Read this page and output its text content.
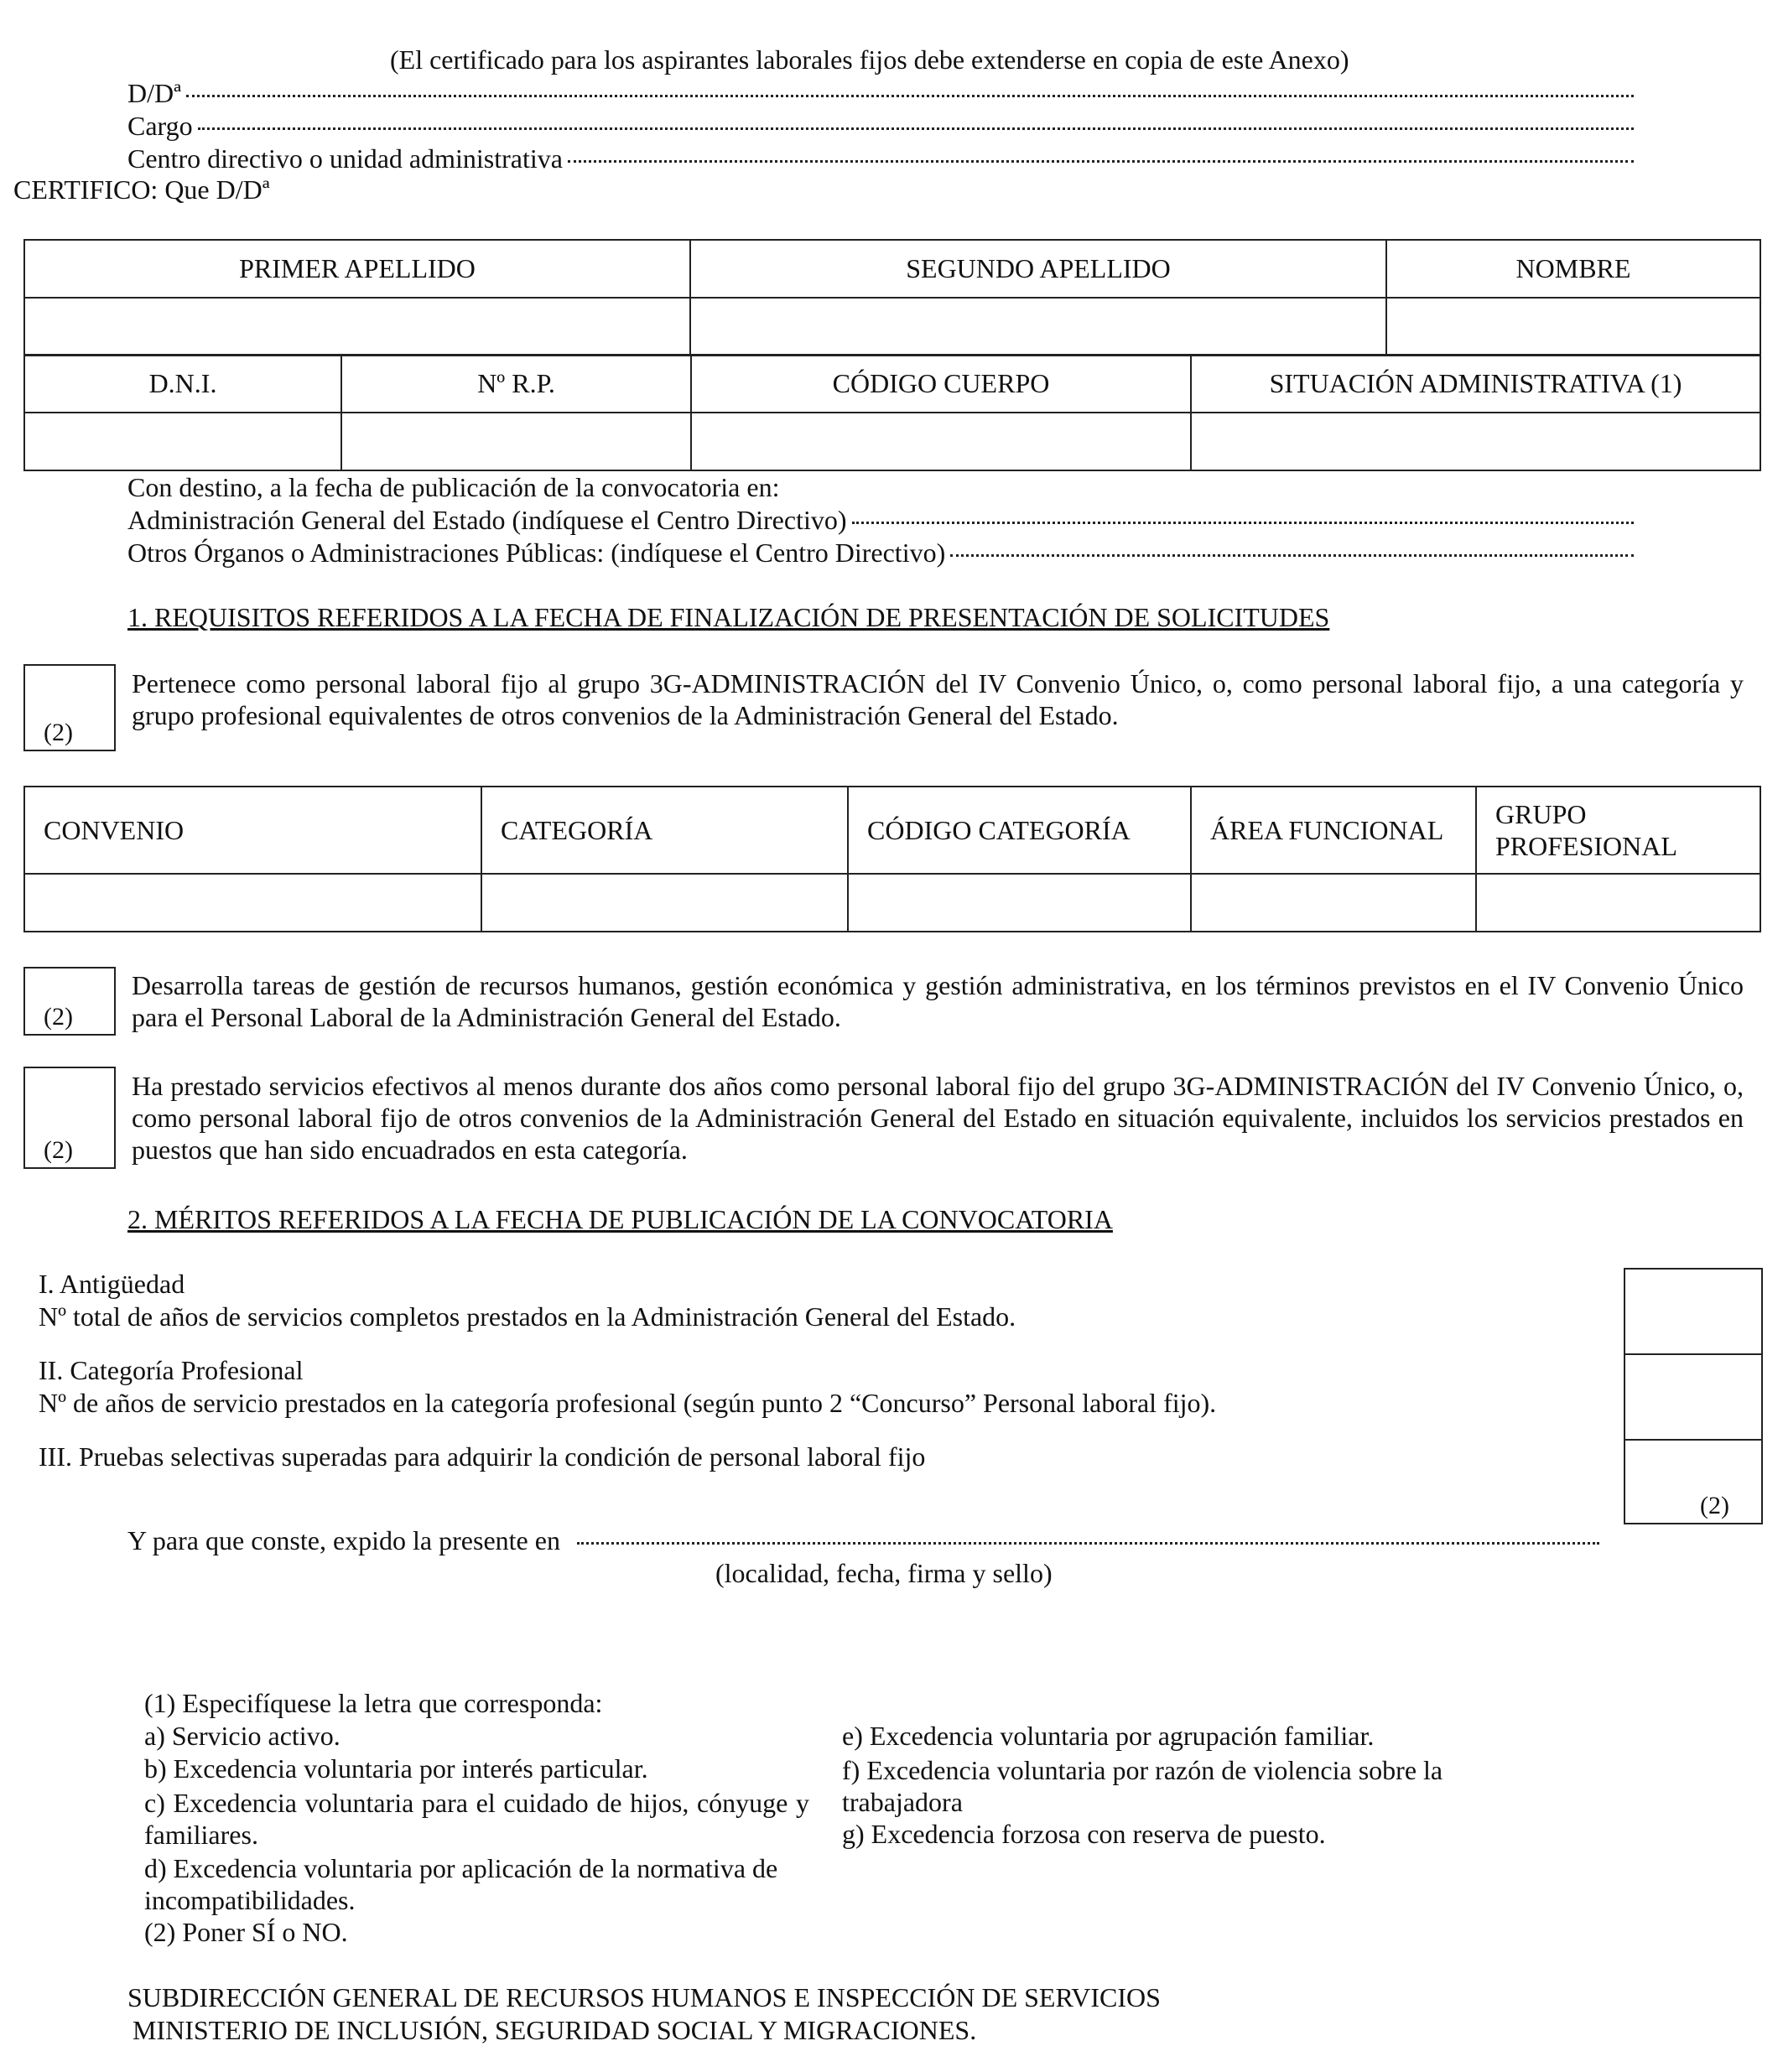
(El certificado para los aspirantes laborales fijos debe extenderse en copia de este Anexo)
D/Dª
Cargo
Centro directivo o unidad administrativa
CERTIFICO: Que D/Dª
PRIMER APELLIDO	SEGUNDO APELLIDO	NOMBRE

D.N.I.	Nº R.P.	CÓDIGO CUERPO	SITUACIÓN ADMINISTRATIVA (1)

Con destino, a la fecha de publicación de la convocatoria en:
Administración General del Estado (indíquese el Centro Directivo)
Otros Órganos o Administraciones Públicas: (indíquese el Centro Directivo)
1. REQUISITOS REFERIDOS A LA FECHA DE FINALIZACIÓN DE PRESENTACIÓN DE SOLICITUDES
(2)
Pertenece como personal laboral fijo al grupo 3G-ADMINISTRACIÓN del IV Convenio Único, o, como personal laboral fijo, a una categoría y grupo profesional equivalentes de otros convenios de la Administración General del Estado.
CONVENIO	CATEGORÍA	CÓDIGO CATEGORÍA	ÁREA FUNCIONAL	GRUPO PROFESIONAL

(2)
Desarrolla tareas de gestión de recursos humanos, gestión económica y gestión administrativa, en los términos previstos en el IV Convenio Único para el Personal Laboral de la Administración General del Estado.
(2)
Ha prestado servicios efectivos al menos durante dos años como personal laboral fijo del grupo 3G-ADMINISTRACIÓN del IV Convenio Único, o, como personal laboral fijo de otros convenios de la Administración General del Estado en situación equivalente, incluidos los servicios prestados en puestos que han sido encuadrados en esta categoría.
2. MÉRITOS REFERIDOS A LA FECHA DE PUBLICACIÓN DE LA CONVOCATORIA
I. Antigüedad
Nº total de años de servicios completos prestados en la Administración General del Estado.
II. Categoría Profesional
Nº de años de servicio prestados en la categoría profesional (según punto 2 “Concurso” Personal laboral fijo).
III. Pruebas selectivas superadas para adquirir la condición de personal laboral fijo
(2)
Y para que conste, expido la presente en
(localidad, fecha, firma y sello)
(1) Especifíquese la letra que corresponda:
a) Servicio activo.
b) Excedencia voluntaria por interés particular.
c) Excedencia voluntaria para el cuidado de hijos, cónyuge y familiares.
d) Excedencia voluntaria por aplicación de la normativa de incompatibilidades.
(2) Poner SÍ o NO.
e) Excedencia voluntaria por agrupación familiar.
f) Excedencia voluntaria por razón de violencia sobre la trabajadora
g) Excedencia forzosa con reserva de puesto.
SUBDIRECCIÓN GENERAL DE RECURSOS HUMANOS E INSPECCIÓN DE SERVICIOS
MINISTERIO DE INCLUSIÓN, SEGURIDAD SOCIAL Y MIGRACIONES.
